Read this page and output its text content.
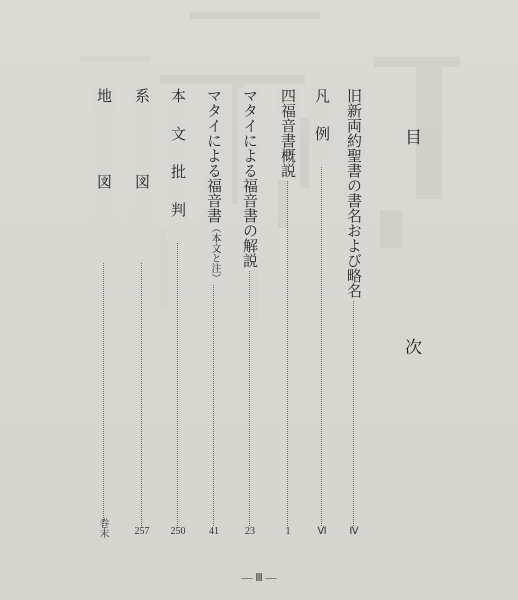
目　次
旧新両約聖書の書名および略名
Ⅳ
凡例
Ⅵ
四福音書概説
1
マタイによる福音書の解説
23
マタイによる福音書（本文と注）
41
本文批判
250
系図
257
地図
巻末
— Ⅲ —
